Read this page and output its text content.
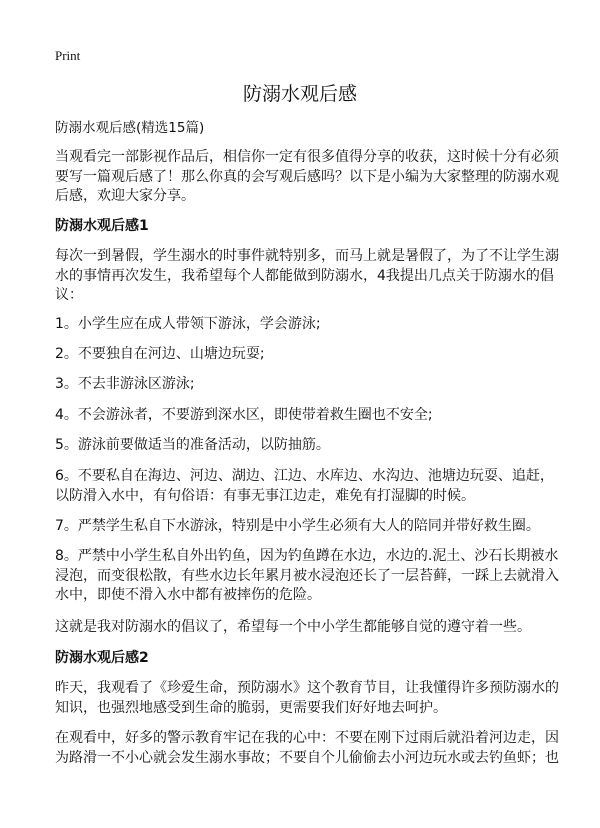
Print
防溺水观后感

防溺水观后感(精选15篇)

当观看完一部影视作品后，相信你一定有很多值得分享的收获，这时候十分有必须要写一篇观后感了！那么你真的会写观后感吗？以下是小编为大家整理的防溺水观后感，欢迎大家分享。

防溺水观后感1

每次一到暑假，学生溺水的时事件就特别多，而马上就是暑假了，为了不让学生溺水的事情再次发生，我希望每个人都能做到防溺水，4我提出几点关于防溺水的倡议：

1。小学生应在成人带领下游泳，学会游泳;

2。不要独自在河边、山塘边玩耍;

3。不去非游泳区游泳;

4。不会游泳者，不要游到深水区，即使带着救生圈也不安全;

5。游泳前要做适当的准备活动，以防抽筋。

6。不要私自在海边、河边、湖边、江边、水库边、水沟边、池塘边玩耍、追赶，以防滑入水中，有句俗语：有事无事江边走，难免有打湿脚的时候。

7。严禁学生私自下水游泳，特别是中小学生必须有大人的陪同并带好救生圈。

8。严禁中小学生私自外出钓鱼，因为钓鱼蹲在水边，水边的.泥土、沙石长期被水浸泡，而变很松散，有些水边长年累月被水浸泡还长了一层苔藓，一踩上去就滑入水中，即使不滑入水中都有被摔伤的危险。

这就是我对防溺水的倡议了，希望每一个中小学生都能够自觉的遵守着一些。

防溺水观后感2

昨天，我观看了《珍爱生命，预防溺水》这个教育节目，让我懂得许多预防溺水的知识，也强烈地感受到生命的脆弱，更需要我们好好地去呵护。

在观看中，好多的警示教育牢记在我的心中：不要在刚下过雨后就沿着河边走，因为路滑一不小心就会发生溺水事故；不要自个儿偷偷去小河边玩水或去钓鱼虾；也
